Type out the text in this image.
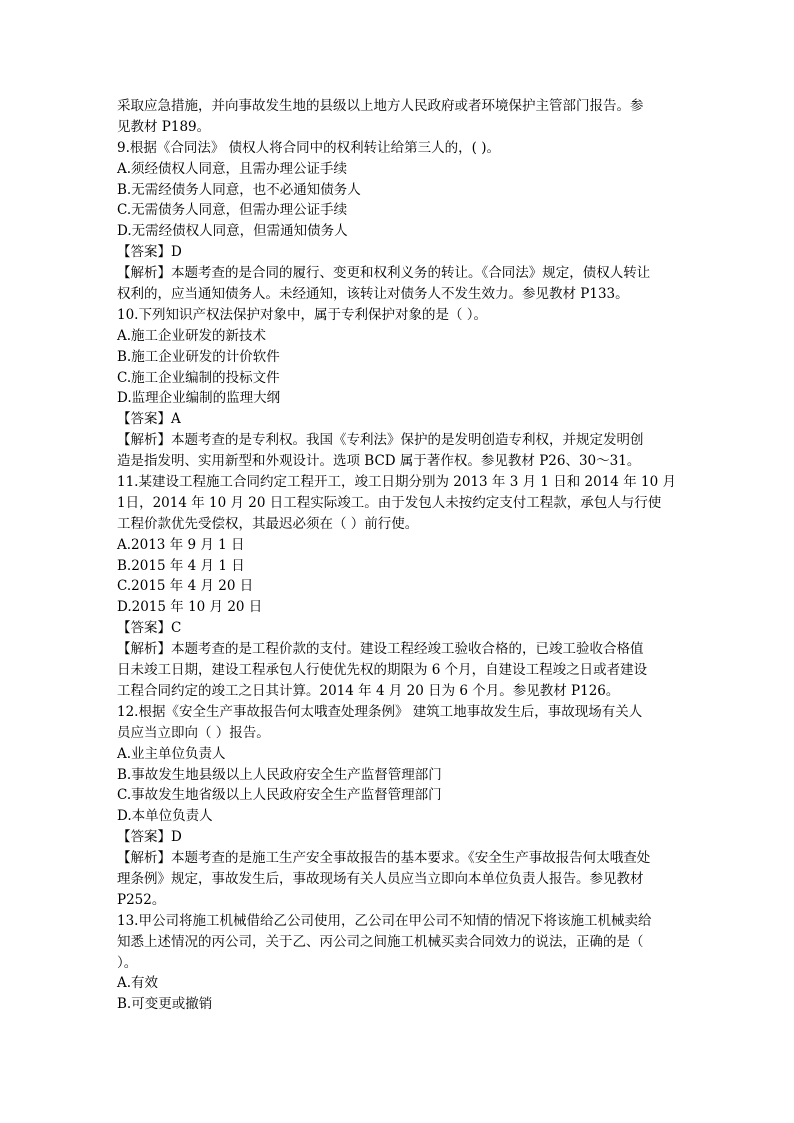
采取应急措施，并向事故发生地的县级以上地方人民政府或者环境保护主管部门报告。参
见教材 P189。
9.根据《合同法》 债权人将合同中的权利转让给第三人的，( )。
A.须经债权人同意，且需办理公证手续
B.无需经债务人同意，也不必通知债务人
C.无需债务人同意，但需办理公证手续
D.无需经债权人同意，但需通知债务人
【答案】D
【解析】本题考查的是合同的履行、变更和权利义务的转让。《合同法》规定，债权人转让
权利的，应当通知债务人。未经通知，该转让对债务人不发生效力。参见教材 P133。
10.下列知识产权法保护对象中，属于专利保护对象的是（ ）。
A.施工企业研发的新技术
B.施工企业研发的计价软件
C.施工企业编制的投标文件
D.监理企业编制的监理大纲
【答案】A
【解析】本题考查的是专利权。我国《专利法》保护的是发明创造专利权，并规定发明创
造是指发明、实用新型和外观设计。选项 BCD 属于著作权。参见教材 P26、30～31。
11.某建设工程施工合同约定工程开工，竣工日期分别为 2013 年 3 月 1 日和 2014 年 10 月
1日，2014 年 10 月 20 日工程实际竣工。由于发包人未按约定支付工程款，承包人与行使
工程价款优先受偿权，其最迟必须在（ ）前行使。
A.2013 年 9 月 1 日
B.2015 年 4 月 1 日
C.2015 年 4 月 20 日
D.2015 年 10 月 20 日
【答案】C
【解析】本题考查的是工程价款的支付。建设工程经竣工验收合格的，已竣工验收合格值
日未竣工日期，建设工程承包人行使优先权的期限为 6 个月，自建设工程竣之日或者建设
工程合同约定的竣工之日其计算。2014 年 4 月 20 日为 6 个月。参见教材 P126。
12.根据《安全生产事故报告何太哦查处理条例》 建筑工地事故发生后，事故现场有关人
员应当立即向（ ）报告。
A.业主单位负责人
B.事故发生地县级以上人民政府安全生产监督管理部门
C.事故发生地省级以上人民政府安全生产监督管理部门
D.本单位负责人
【答案】D
【解析】本题考查的是施工生产安全事故报告的基本要求。《安全生产事故报告何太哦查处
理条例》规定，事故发生后，事故现场有关人员应当立即向本单位负责人报告。参见教材
P252。
13.甲公司将施工机械借给乙公司使用，乙公司在甲公司不知情的情况下将该施工机械卖给
知悉上述情况的丙公司，关于乙、丙公司之间施工机械买卖合同效力的说法，正确的是（
）。
A.有效
B.可变更或撤销
